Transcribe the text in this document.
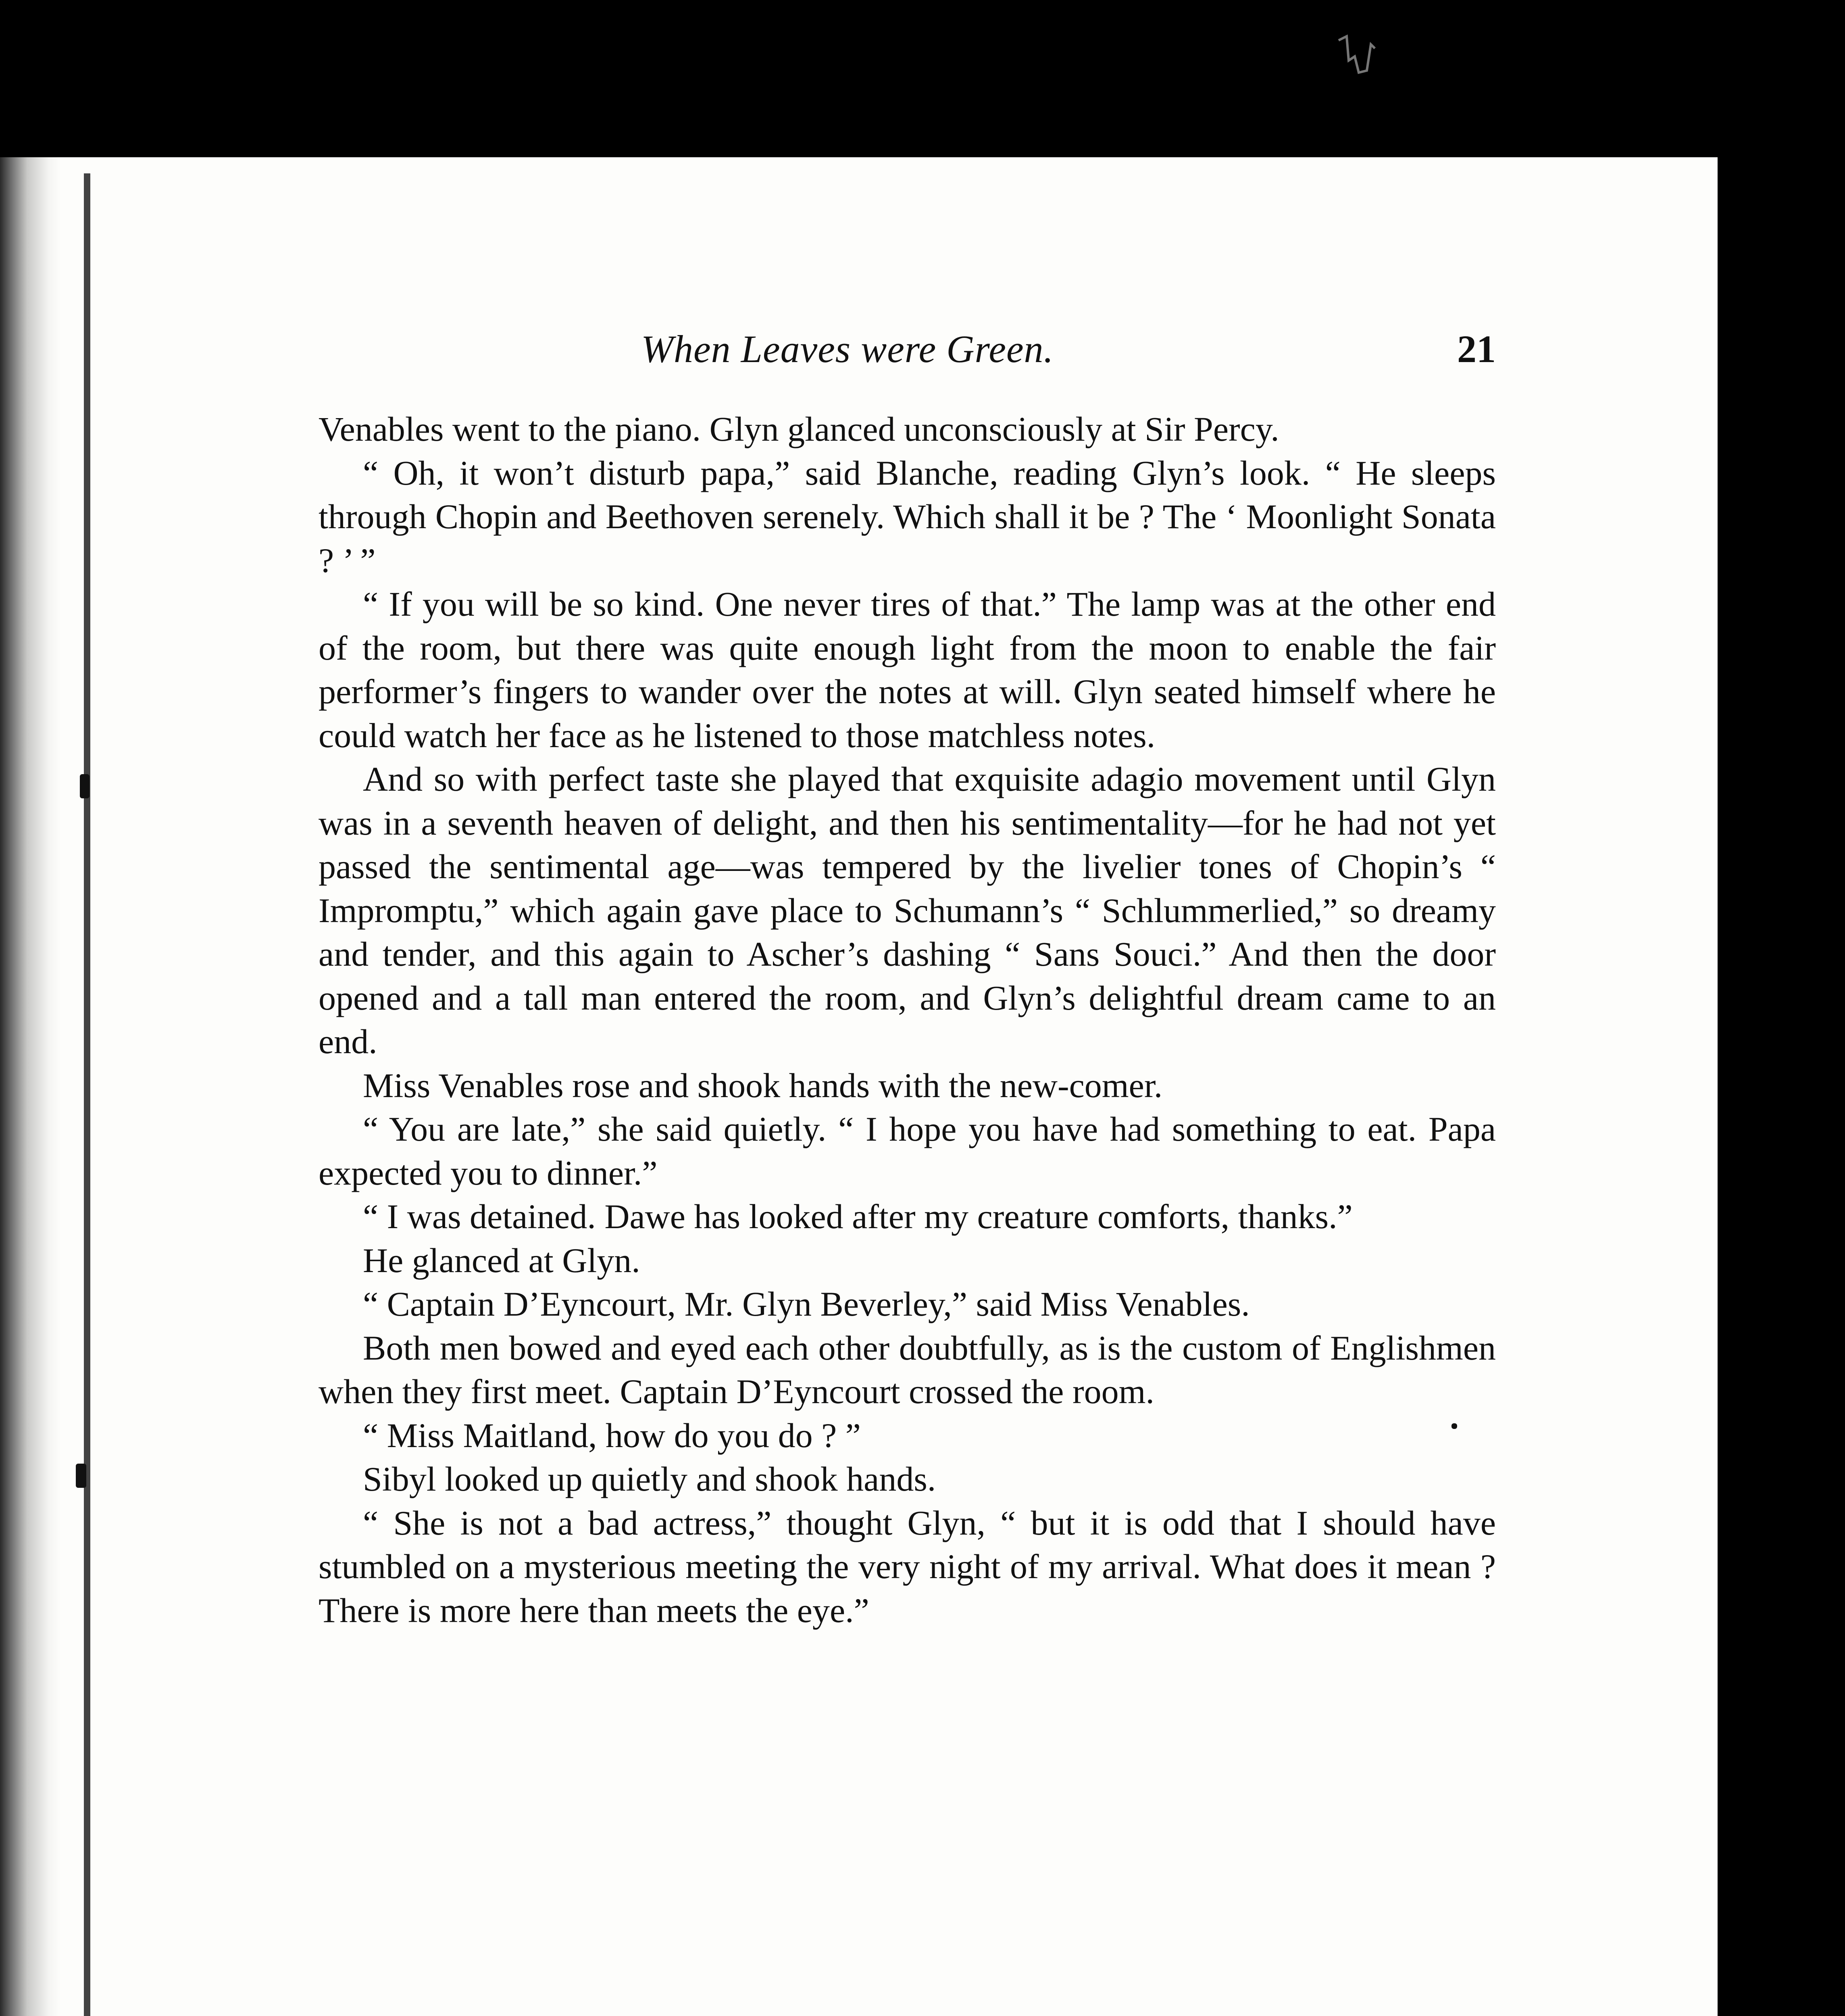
When Leaves were Green.	21

Venables went to the piano. Glyn glanced unconsciously at Sir Percy.

“ Oh, it won’t disturb papa,” said Blanche, reading Glyn’s look. “ He sleeps through Chopin and Beethoven serenely. Which shall it be ? The ‘ Moonlight Sonata ? ’ ”

“ If you will be so kind. One never tires of that.” The lamp was at the other end of the room, but there was quite enough light from the moon to enable the fair performer’s fingers to wander over the notes at will. Glyn seated himself where he could watch her face as he listened to those matchless notes.

And so with perfect taste she played that exquisite adagio movement until Glyn was in a seventh heaven of delight, and then his sentimentality—for he had not yet passed the sentimental age—was tempered by the livelier tones of Chopin’s “ Impromptu,” which again gave place to Schumann’s “ Schlummerlied,” so dreamy and tender, and this again to Ascher’s dashing “ Sans Souci.” And then the door opened and a tall man entered the room, and Glyn’s delightful dream came to an end.

Miss Venables rose and shook hands with the new-comer.

“ You are late,” she said quietly. “ I hope you have had something to eat. Papa expected you to dinner.”

“ I was detained. Dawe has looked after my creature comforts, thanks.”

He glanced at Glyn.

“ Captain D’Eyncourt, Mr. Glyn Beverley,” said Miss Venables.

Both men bowed and eyed each other doubtfully, as is the custom of Englishmen when they first meet. Captain D’Eyncourt crossed the room.

“ Miss Maitland, how do you do ? ”

Sibyl looked up quietly and shook hands.

“ She is not a bad actress,” thought Glyn, “ but it is odd that I should have stumbled on a mysterious meeting the very night of my arrival. What does it mean ? There is more here than meets the eye.”
